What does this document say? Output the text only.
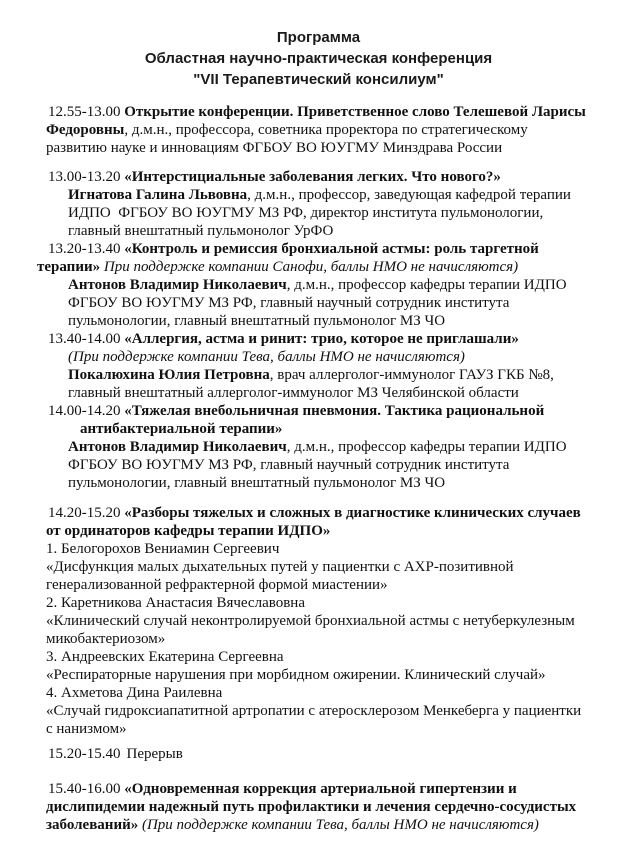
Программа
Областная научно-практическая конференция
"VII Терапевтический консилиум"

12.55-13.00 Открытие конференции. Приветственное слово Телешевой Ларисы Федоровны, д.м.н., профессора, советника проректора по стратегическому развитию науке и инновациям ФГБОУ ВО ЮУГМУ Минздрава России

13.00-13.20 «Интерстициальные заболевания легких. Что нового?»

Игнатова Галина Львовна, д.м.н., профессор, заведующая кафедрой терапии ИДПО  ФГБОУ ВО ЮУГМУ МЗ РФ, директор института пульмонологии, главный внештатный пульмонолог УрФО

13.20-13.40 «Контроль и ремиссия бронхиальной астмы: роль таргетной терапии» При поддержке компании Санофи, баллы НМО не начисляются)

Антонов Владимир Николаевич, д.м.н., профессор кафедры терапии ИДПО ФГБОУ ВО ЮУГМУ МЗ РФ, главный научный сотрудник института пульмонологии, главный внештатный пульмонолог МЗ ЧО

13.40-14.00 «Аллергия, астма и ринит: трио, которое не приглашали»

(При поддержке компании Тева, баллы НМО не начисляются)

Покалюхина Юлия Петровна, врач аллерголог-иммунолог ГАУЗ ГКБ №8, главный внештатный аллерголог-иммунолог МЗ Челябинской области

14.00-14.20 «Тяжелая внебольничная пневмония. Тактика рациональной антибактериальной терапии»

Антонов Владимир Николаевич, д.м.н., профессор кафедры терапии ИДПО ФГБОУ ВО ЮУГМУ МЗ РФ, главный научный сотрудник института пульмонологии, главный внештатный пульмонолог МЗ ЧО

14.20-15.20 «Разборы тяжелых и сложных в диагностике клинических случаев от ординаторов кафедры терапии ИДПО»

1. Белогорохов Вениамин Сергеевич

«Дисфункция малых дыхательных путей у пациентки с АХР-позитивной генерализованной рефрактерной формой миастении»

2. Каретникова Анастасия Вячеславовна

«Клинический случай неконтролируемой бронхиальной астмы с нетуберкулезным микобактериозом»

3. Андреевских Екатерина Сергеевна

«Респираторные нарушения при морбидном ожирении. Клинический случай»

4. Ахметова Дина Раилевна

«Случай гидроксиапатитной артропатии с атеросклерозом Менкеберга у пациентки с нанизмом»

15.20-15.40 Перерыв

15.40-16.00 «Одновременная коррекция артериальной гипертензии и дислипидемии надежный путь профилактики и лечения сердечно-сосудистых заболеваний» (При поддержке компании Тева, баллы НМО не начисляются)
